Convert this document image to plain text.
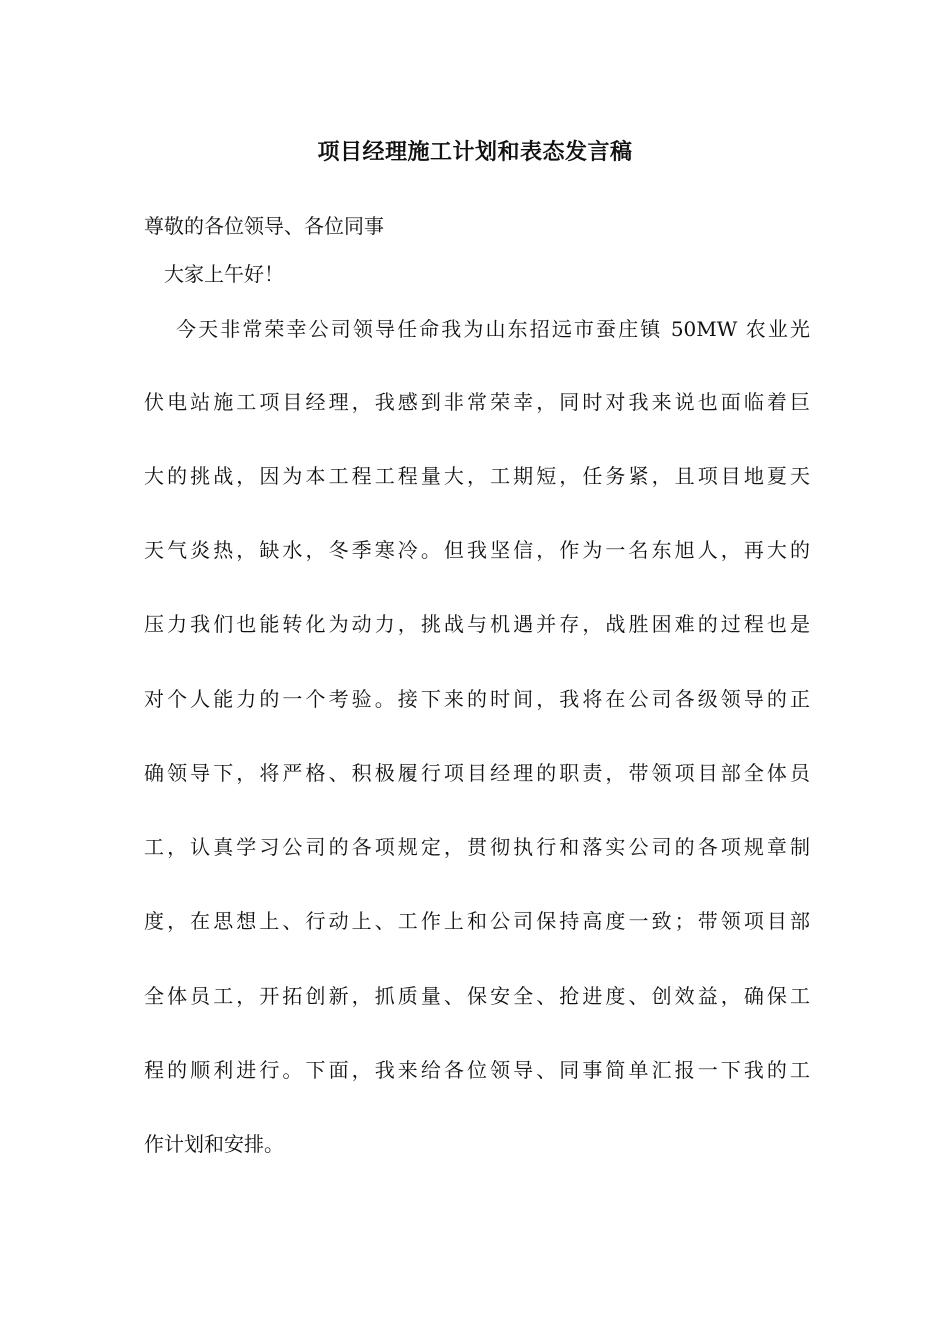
项目经理施工计划和表态发言稿
尊敬的各位领导、各位同事
大家上午好！
今天非常荣幸公司领导任命我为山东招远市蚕庄镇 50MW 农业光
伏电站施工项目经理，我感到非常荣幸，同时对我来说也面临着巨
大的挑战，因为本工程工程量大，工期短，任务紧，且项目地夏天
天气炎热，缺水，冬季寒冷。但我坚信，作为一名东旭人，再大的
压力我们也能转化为动力，挑战与机遇并存，战胜困难的过程也是
对个人能力的一个考验。接下来的时间，我将在公司各级领导的正
确领导下，将严格、积极履行项目经理的职责，带领项目部全体员
工，认真学习公司的各项规定，贯彻执行和落实公司的各项规章制
度，在思想上、行动上、工作上和公司保持高度一致；带领项目部
全体员工，开拓创新，抓质量、保安全、抢进度、创效益，确保工
程的顺利进行。下面，我来给各位领导、同事简单汇报一下我的工
作计划和安排。
